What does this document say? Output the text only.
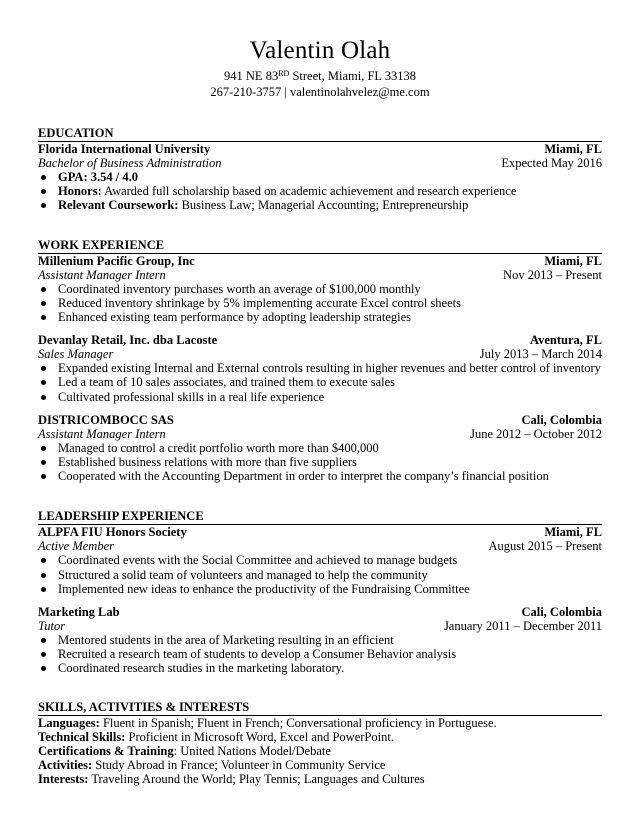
Valentin Olah
941 NE 83RD Street, Miami, FL 33138
267-210-3757 | valentinolahvelez@me.com
EDUCATION
Florida International University	Miami, FL
Bachelor of Business Administration	Expected May 2016
GPA: 3.54 / 4.0
Honors: Awarded full scholarship based on academic achievement and research experience
Relevant Coursework: Business Law; Managerial Accounting; Entrepreneurship
WORK EXPERIENCE
Millenium Pacific Group, Inc	Miami, FL
Assistant Manager Intern	Nov 2013 – Present
Coordinated inventory purchases worth an average of $100,000 monthly
Reduced inventory shrinkage by 5% implementing accurate Excel control sheets
Enhanced existing team performance by adopting leadership strategies
Devanlay Retail, Inc. dba Lacoste	Aventura, FL
Sales Manager	July 2013 – March 2014
Expanded existing Internal and External controls resulting in higher revenues and better control of inventory
Led a team of 10 sales associates, and trained them to execute sales
Cultivated professional skills in a real life experience
DISTRICOMBOCC SAS	Cali, Colombia
Assistant Manager Intern	June 2012 – October 2012
Managed to control a credit portfolio worth more than $400,000
Established business relations with more than five suppliers
Cooperated with the Accounting Department in order to interpret the company’s financial position
LEADERSHIP EXPERIENCE
ALPFA FIU Honors Society	Miami, FL
Active Member	August 2015 – Present
Coordinated events with the Social Committee and achieved to manage budgets
Structured a solid team of volunteers and managed to help the community
Implemented new ideas to enhance the productivity of the Fundraising Committee
Marketing Lab	Cali, Colombia
Tutor	January 2011 – December 2011
Mentored students in the area of Marketing resulting in an efficient
Recruited a research team of students to develop a Consumer Behavior analysis
Coordinated research studies in the marketing laboratory.
SKILLS, ACTIVITIES & INTERESTS
Languages: Fluent in Spanish; Fluent in French; Conversational proficiency in Portuguese.
Technical Skills: Proficient in Microsoft Word, Excel and PowerPoint.
Certifications & Training: United Nations Model/Debate
Activities: Study Abroad in France; Volunteer in Community Service
Interests: Traveling Around the World; Play Tennis; Languages and Cultures
